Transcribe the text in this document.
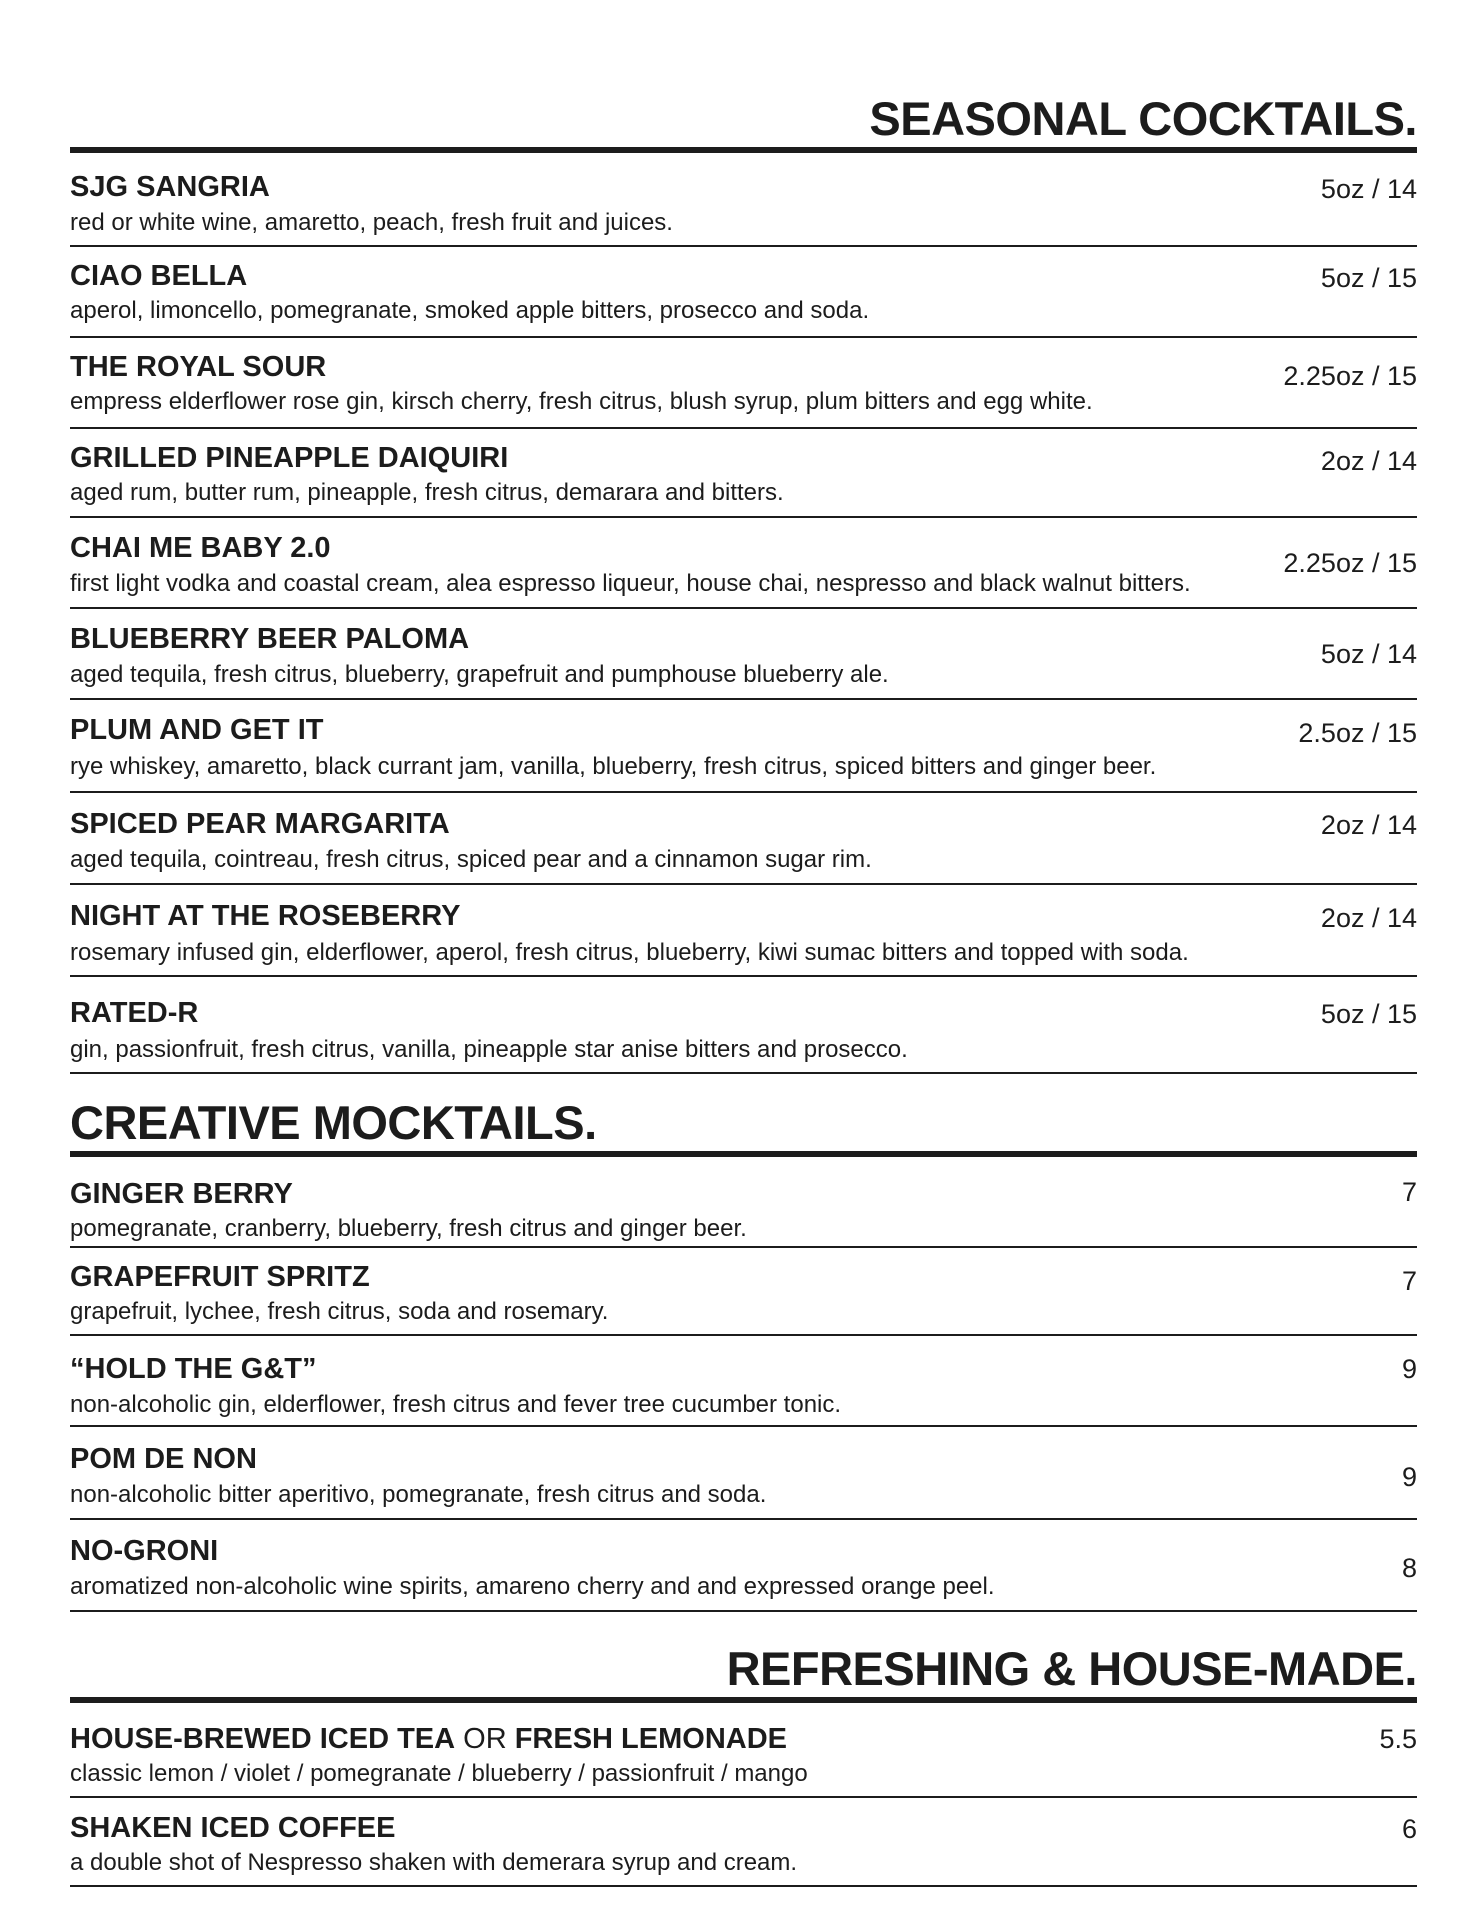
SEASONAL COCKTAILS.
SJG SANGRIA
red or white wine, amaretto, peach, fresh fruit and juices.
5oz / 14
CIAO BELLA
aperol, limoncello, pomegranate, smoked apple bitters, prosecco and soda.
5oz / 15
THE ROYAL SOUR
empress elderflower rose gin, kirsch cherry, fresh citrus, blush syrup, plum bitters and egg white.
2.25oz / 15
GRILLED PINEAPPLE DAIQUIRI
aged rum, butter rum, pineapple, fresh citrus, demarara and bitters.
2oz / 14
CHAI ME BABY 2.0
first light vodka and coastal cream, alea espresso liqueur, house chai, nespresso and black walnut bitters.
2.25oz / 15
BLUEBERRY BEER PALOMA
aged tequila, fresh citrus, blueberry, grapefruit and pumphouse blueberry ale.
5oz / 14
PLUM AND GET IT
rye whiskey, amaretto, black currant jam, vanilla, blueberry, fresh citrus, spiced bitters and ginger beer.
2.5oz / 15
SPICED PEAR MARGARITA
aged tequila, cointreau, fresh citrus, spiced pear and a cinnamon sugar rim.
2oz / 14
NIGHT AT THE ROSEBERRY
rosemary infused gin, elderflower, aperol, fresh citrus, blueberry, kiwi sumac bitters and topped with soda.
2oz / 14
RATED-R
gin, passionfruit, fresh citrus, vanilla, pineapple star anise bitters and prosecco.
5oz / 15
CREATIVE MOCKTAILS.
GINGER BERRY
pomegranate, cranberry, blueberry, fresh citrus and ginger beer.
7
GRAPEFRUIT SPRITZ
grapefruit, lychee, fresh citrus, soda and rosemary.
7
“HOLD THE G&T”
non-alcoholic gin, elderflower, fresh citrus and fever tree cucumber tonic.
9
POM DE NON
non-alcoholic bitter aperitivo, pomegranate, fresh citrus and soda.
9
NO-GRONI
aromatized non-alcoholic wine spirits, amareno cherry and and expressed orange peel.
8
REFRESHING & HOUSE-MADE.
HOUSE-BREWED ICED TEA OR FRESH LEMONADE
classic lemon / violet / pomegranate / blueberry / passionfruit / mango
5.5
SHAKEN ICED COFFEE
a double shot of Nespresso shaken with demerara syrup and cream.
6
